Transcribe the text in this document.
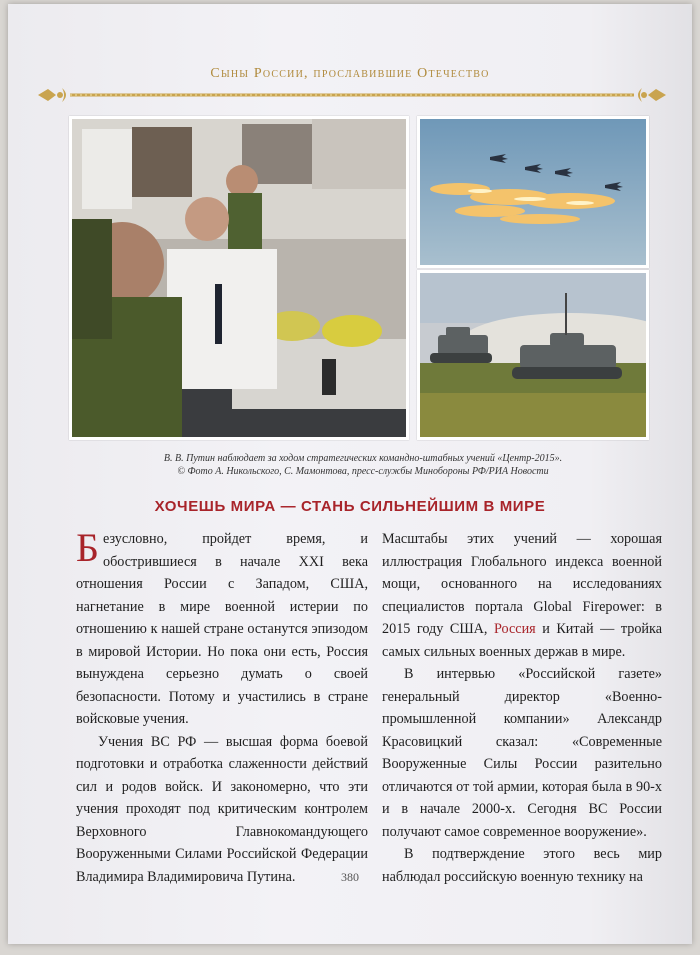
Сыны России, прославившие Отечество
В. В. Путин наблюдает за ходом стратегических командно-штабных учений «Центр-2015».
© Фото А. Никольского, С. Мамонтова, пресс-службы Минобороны РФ/РИА Новости
ХОЧЕШЬ МИРА — СТАНЬ СИЛЬНЕЙШИМ В МИРЕ

Безусловно, пройдет время, и обострившиеся в начале XXI века отношения России с Западом, США, нагнетание в мире военной истерии по отношению к нашей стране останутся эпизодом в мировой Истории. Но пока они есть, Россия вынуждена серьезно думать о своей безопасности. Потому и участились в стране войсковые учения.

Учения ВС РФ — высшая форма боевой подготовки и отработка слаженности действий сил и родов войск. И закономерно, что эти учения проходят под критическим контролем Верховного Главнокомандующего Вооруженными Силами Российской Федерации Владимира Владимировича Путина.

Масштабы этих учений — хорошая иллюстрация Глобального индекса военной мощи, основанного на исследованиях специалистов портала Global Firepower: в 2015 году США, Россия и Китай — тройка самых сильных военных держав в мире.

В интервью «Российской газете» генеральный директор «Военно-промышленной компании» Александр Красовицкий сказал: «Современные Вооруженные Силы России разительно отличаются от той армии, которая была в 90-х и в начале 2000-х. Сегодня ВС России получают самое современное вооружение».

В подтверждение этого весь мир наблюдал российскую военную технику на

380
